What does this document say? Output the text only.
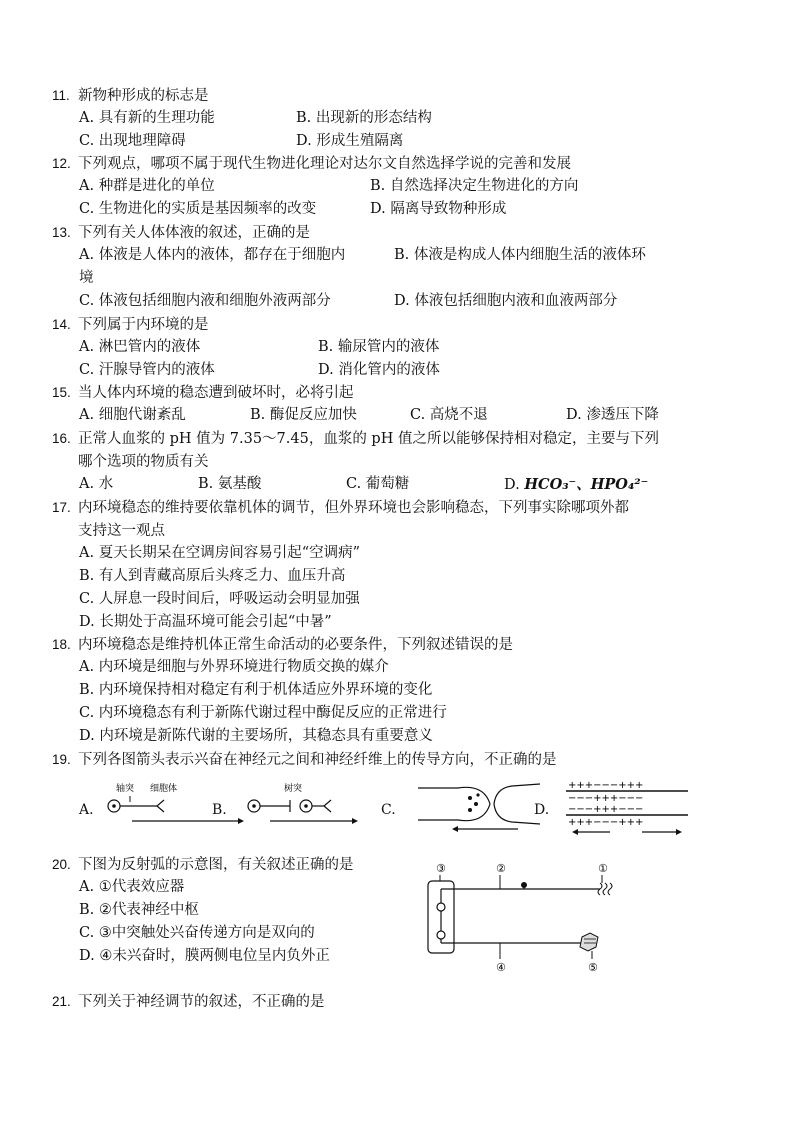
11. 新物种形成的标志是
A. 具有新的生理功能	B. 出现新的形态结构
C. 出现地理障碍	D. 形成生殖隔离
12. 下列观点，哪项不属于现代生物进化理论对达尔文自然选择学说的完善和发展
A. 种群是进化的单位	B. 自然选择决定生物进化的方向
C. 生物进化的实质是基因频率的改变	D. 隔离导致物种形成
13. 下列有关人体体液的叙述，正确的是
A. 体液是人体内的液体，都存在于细胞内	B. 体液是构成人体内细胞生活的液体环
境
C. 体液包括细胞内液和细胞外液两部分	D. 体液包括细胞内液和血液两部分
14. 下列属于内环境的是
A. 淋巴管内的液体	B. 输尿管内的液体
C. 汗腺导管内的液体	D. 消化管内的液体
15. 当人体内环境的稳态遭到破坏时，必将引起
A. 细胞代谢紊乱	B. 酶促反应加快	C. 高烧不退	D. 渗透压下降
16. 正常人血浆的 pH 值为 7.35～7.45，血浆的 pH 值之所以能够保持相对稳定，主要与下列
哪个选项的物质有关
A. 水	B. 氨基酸	C. 葡萄糖	D. HCO₃⁻、HPO₄²⁻
17. 内环境稳态的维持要依靠机体的调节，但外界环境也会影响稳态，下列事实除哪项外都
支持这一观点
A. 夏天长期呆在空调房间容易引起“空调病”
B. 有人到青藏高原后头疼乏力、血压升高
C. 人屏息一段时间后，呼吸运动会明显加强
D. 长期处于高温环境可能会引起“中暑”
18. 内环境稳态是维持机体正常生命活动的必要条件，下列叙述错误的是
A. 内环境是细胞与外界环境进行物质交换的媒介
B. 内环境保持相对稳定有利于机体适应外界环境的变化
C. 内环境稳态有利于新陈代谢过程中酶促反应的正常进行
D. 内环境是新陈代谢的主要场所，其稳态具有重要意义
19. 下列各图箭头表示兴奋在神经元之间和神经纤维上的传导方向，不正确的是
A.
轴突 细胞体
B.
树突
C.	D.
+++−−−+++
−−−+++−−−
−−−+++−−−
+++−−−+++
20. 下图为反射弧的示意图，有关叙述正确的是
A. ①代表效应器
B. ②代表神经中枢
C. ③中突触处兴奋传递方向是双向的
D. ④未兴奋时，膜两侧电位呈内负外正
③	②	①
④	⑤
21. 下列关于神经调节的叙述，不正确的是
